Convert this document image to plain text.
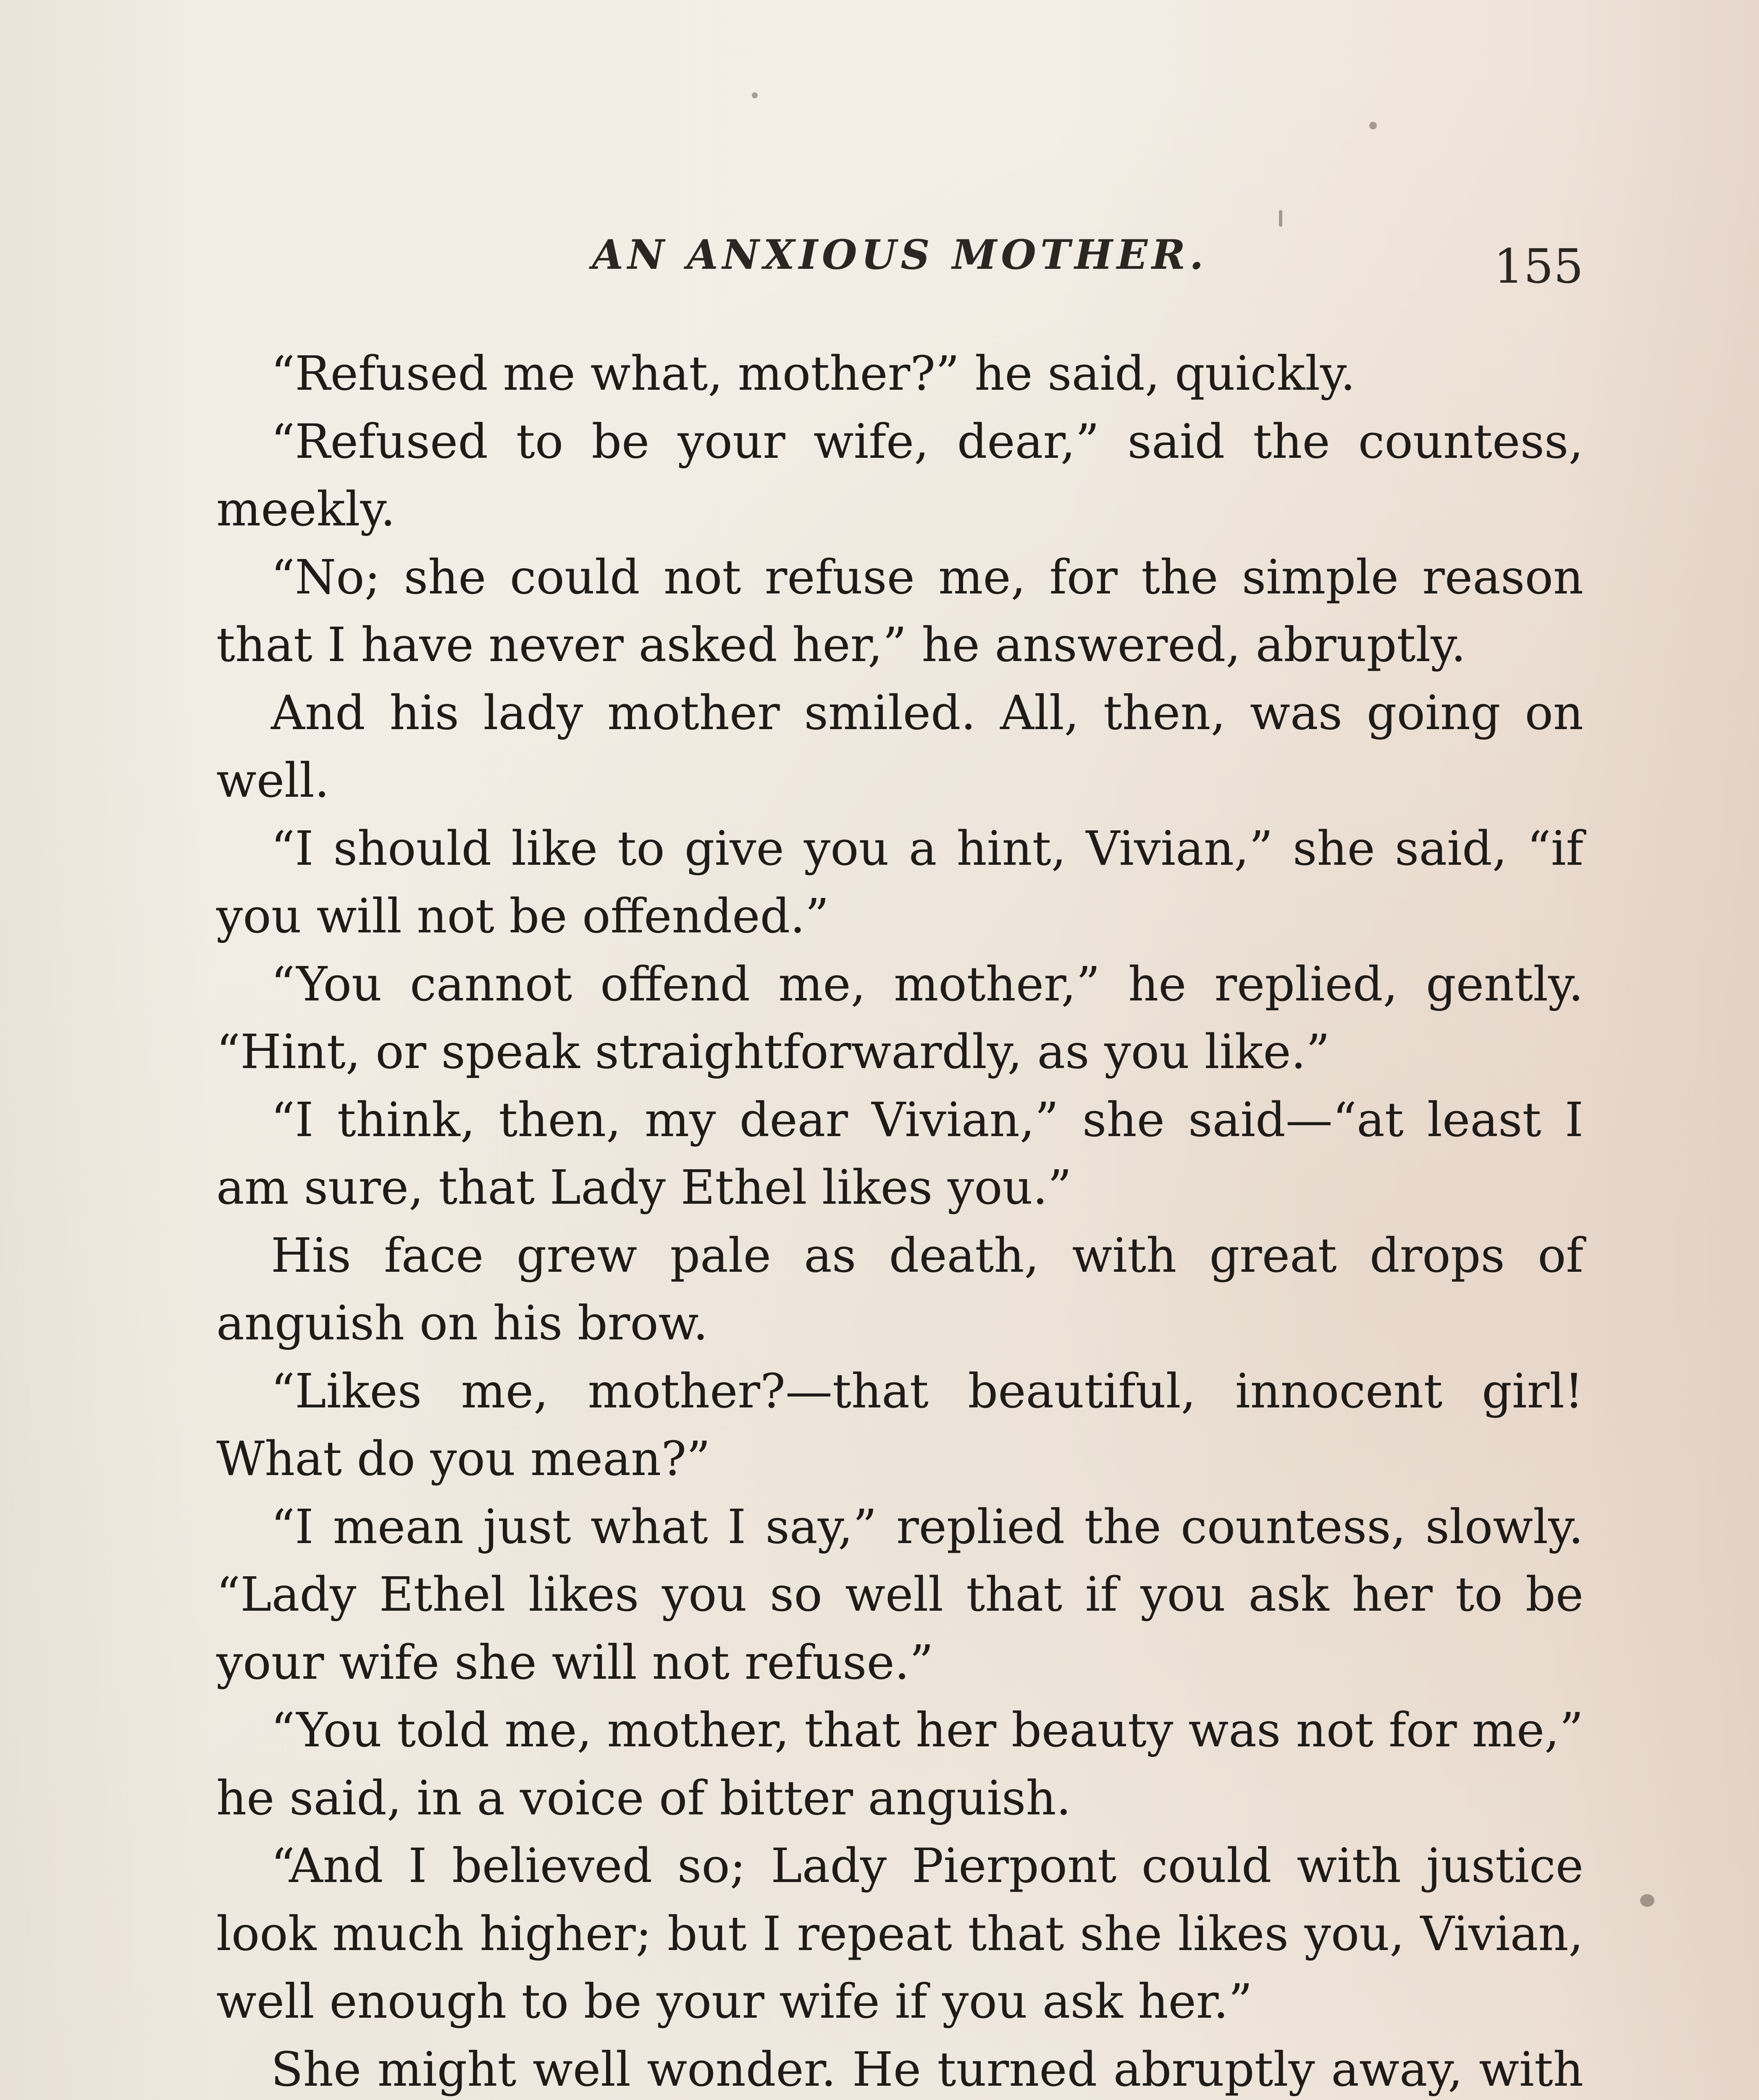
AN ANXIOUS MOTHER.	155

“Refused me what, mother?” he said, quickly.

“Refused to be your wife, dear,” said the countess, meekly.

“No; she could not refuse me, for the simple reason that I have never asked her,” he answered, abruptly.

And his lady mother smiled. All, then, was going on well.

“I should like to give you a hint, Vivian,” she said, “if you will not be offended.”

“You cannot offend me, mother,” he replied, gently. “Hint, or speak straightforwardly, as you like.”

“I think, then, my dear Vivian,” she said—“at least I am sure, that Lady Ethel likes you.”

His face grew pale as death, with great drops of anguish on his brow.

“Likes me, mother?—that beautiful, innocent girl! What do you mean?”

“I mean just what I say,” replied the countess, slowly. “Lady Ethel likes you so well that if you ask her to be your wife she will not refuse.”

“You told me, mother, that her beauty was not for me,” he said, in a voice of bitter anguish.

“And I believed so; Lady Pierpont could with justice look much higher; but I repeat that she likes you, Vivian, well enough to be your wife if you ask her.”

She might well wonder. He turned abruptly away, with
